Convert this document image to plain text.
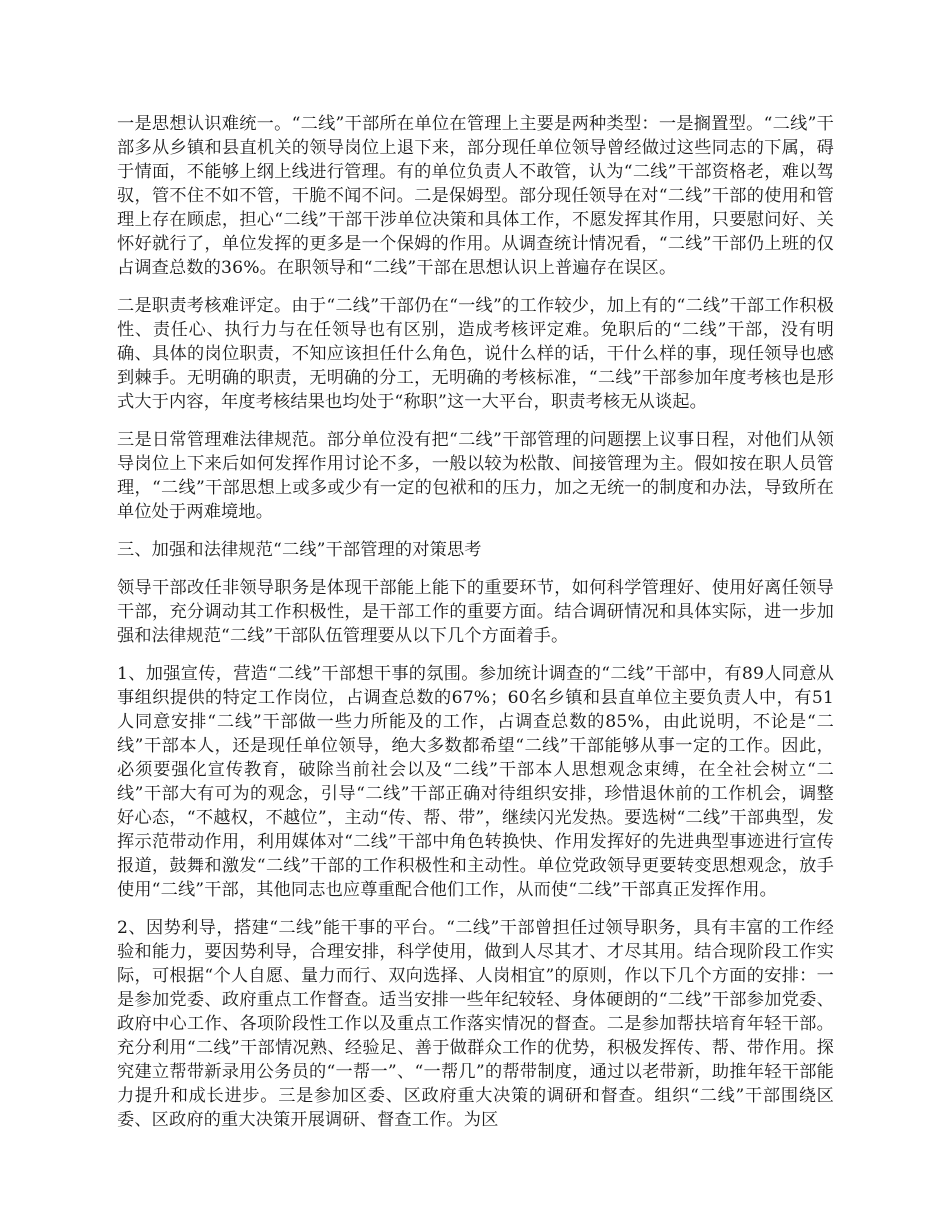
一是思想认识难统一。“二线”干部所在单位在管理上主要是两种类型：一是搁置型。“二线”干部多从乡镇和县直机关的领导岗位上退下来，部分现任单位领导曾经做过这些同志的下属，碍于情面，不能够上纲上线进行管理。有的单位负责人不敢管，认为“二线”干部资格老，难以驾驭，管不住不如不管，干脆不闻不问。二是保姆型。部分现任领导在对“二线”干部的使用和管理上存在顾虑，担心“二线”干部干涉单位决策和具体工作，不愿发挥其作用，只要慰问好、关怀好就行了，单位发挥的更多是一个保姆的作用。从调查统计情况看，“二线”干部仍上班的仅占调查总数的36%。在职领导和“二线”干部在思想认识上普遍存在误区。

二是职责考核难评定。由于“二线”干部仍在“一线”的工作较少，加上有的“二线”干部工作积极性、责任心、执行力与在任领导也有区别，造成考核评定难。免职后的“二线”干部，没有明确、具体的岗位职责，不知应该担任什么角色，说什么样的话，干什么样的事，现任领导也感到棘手。无明确的职责，无明确的分工，无明确的考核标准，“二线”干部参加年度考核也是形式大于内容，年度考核结果也均处于“称职”这一大平台，职责考核无从谈起。

三是日常管理难法律规范。部分单位没有把“二线”干部管理的问题摆上议事日程，对他们从领导岗位上下来后如何发挥作用讨论不多，一般以较为松散、间接管理为主。假如按在职人员管理，“二线”干部思想上或多或少有一定的包袱和的压力，加之无统一的制度和办法，导致所在单位处于两难境地。

三、加强和法律规范“二线”干部管理的对策思考

领导干部改任非领导职务是体现干部能上能下的重要环节，如何科学管理好、使用好离任领导干部，充分调动其工作积极性，是干部工作的重要方面。结合调研情况和具体实际，进一步加强和法律规范“二线”干部队伍管理要从以下几个方面着手。

1、加强宣传，营造“二线”干部想干事的氛围。参加统计调查的“二线”干部中，有89人同意从事组织提供的特定工作岗位，占调查总数的67%；60名乡镇和县直单位主要负责人中，有51人同意安排“二线”干部做一些力所能及的工作，占调查总数的85%，由此说明，不论是“二线”干部本人，还是现任单位领导，绝大多数都希望“二线”干部能够从事一定的工作。因此，必须要强化宣传教育，破除当前社会以及“二线”干部本人思想观念束缚，在全社会树立“二线”干部大有可为的观念，引导“二线”干部正确对待组织安排，珍惜退休前的工作机会，调整好心态，“不越权，不越位”，主动“传、帮、带”，继续闪光发热。要选树“二线”干部典型，发挥示范带动作用，利用媒体对“二线”干部中角色转换快、作用发挥好的先进典型事迹进行宣传报道，鼓舞和激发“二线”干部的工作积极性和主动性。单位党政领导更要转变思想观念，放手使用“二线”干部，其他同志也应尊重配合他们工作，从而使“二线”干部真正发挥作用。

2、因势利导，搭建“二线”能干事的平台。“二线”干部曾担任过领导职务，具有丰富的工作经验和能力，要因势利导，合理安排，科学使用，做到人尽其才、才尽其用。结合现阶段工作实际，可根据“个人自愿、量力而行、双向选择、人岗相宜”的原则，作以下几个方面的安排：一是参加党委、政府重点工作督查。适当安排一些年纪较轻、身体硬朗的“二线”干部参加党委、政府中心工作、各项阶段性工作以及重点工作落实情况的督查。二是参加帮扶培育年轻干部。充分利用“二线”干部情况熟、经验足、善于做群众工作的优势，积极发挥传、帮、带作用。探究建立帮带新录用公务员的“一帮一”、“一帮几”的帮带制度，通过以老带新，助推年轻干部能力提升和成长进步。三是参加区委、区政府重大决策的调研和督查。组织“二线”干部围绕区委、区政府的重大决策开展调研、督查工作。为区
